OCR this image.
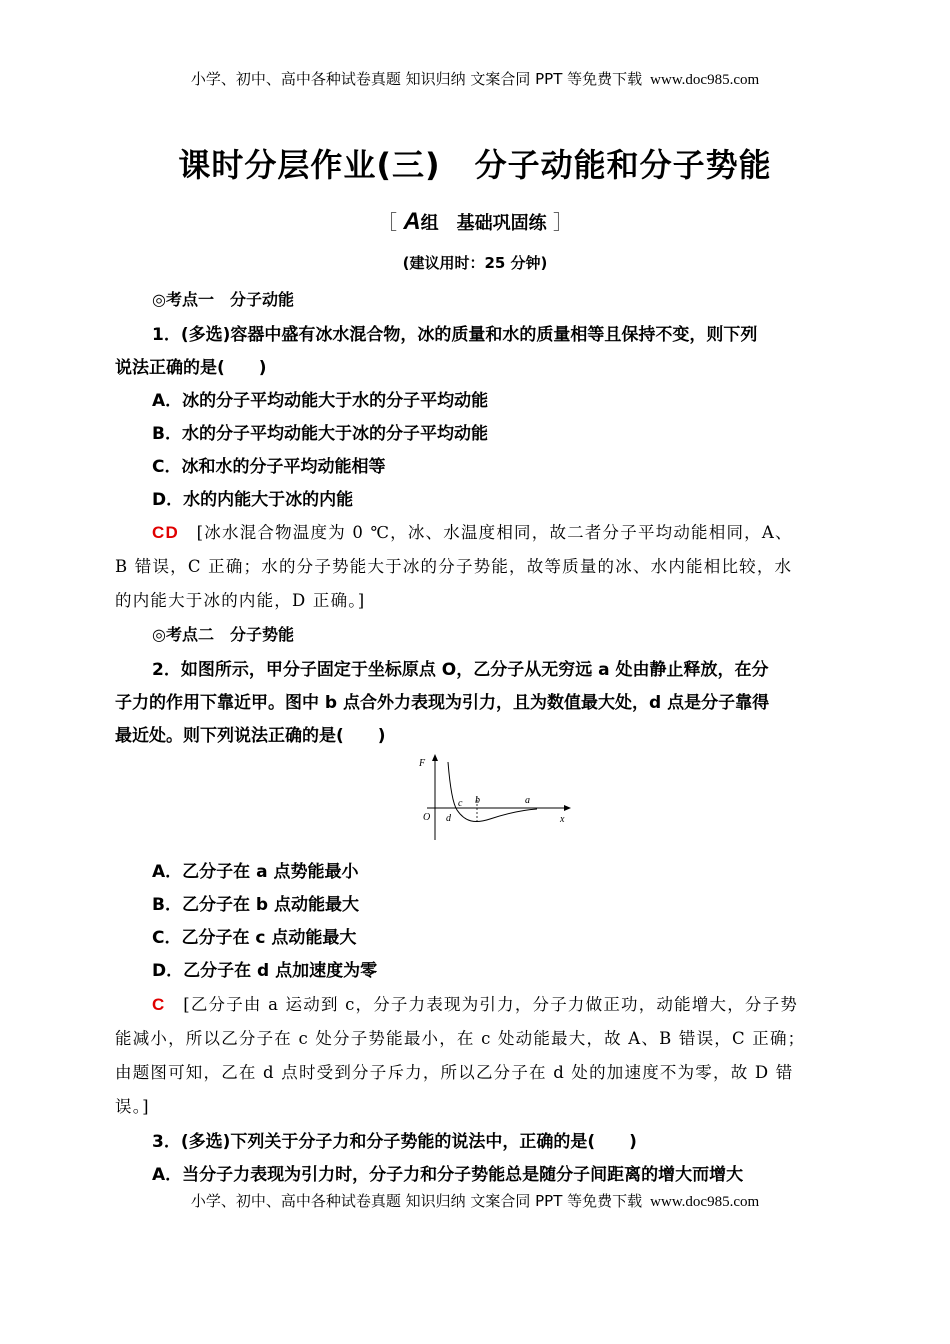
小学、初中、高中各种试卷真题 知识归纳 文案合同 PPT 等免费下载 www.doc985.com
课时分层作业(三) 分子动能和分子势能
［ A组　基础巩固练 ］
(建议用时：25 分钟)
◎考点一　分子动能
1．(多选)容器中盛有冰水混合物，冰的质量和水的质量相等且保持不变，则下列
说法正确的是(　　)
A．冰的分子平均动能大于水的分子平均动能
B．水的分子平均动能大于冰的分子平均动能
C．冰和水的分子平均动能相等
D．水的内能大于冰的内能
CD　 [冰水混合物温度为 0 ℃，冰、水温度相同，故二者分子平均动能相同，A、
B 错误，C 正确；水的分子势能大于冰的分子势能，故等质量的冰、水内能相比较，水
的内能大于冰的内能，D 正确。]
◎考点二　分子势能
2．如图所示，甲分子固定于坐标原点 O，乙分子从无穷远 a 处由静止释放，在分
子力的作用下靠近甲。图中 b 点合外力表现为引力，且为数值最大处，d 点是分子靠得
最近处。则下列说法正确的是(　　)
F
O	x
a
b
c
d
A．乙分子在 a 点势能最小
B．乙分子在 b 点动能最大
C．乙分子在 c 点动能最大
D．乙分子在 d 点加速度为零
C　 [乙分子由 a 运动到 c，分子力表现为引力，分子力做正功，动能增大，分子势
能减小，所以乙分子在 c 处分子势能最小，在 c 处动能最大，故 A、B 错误，C 正确；
由题图可知，乙在 d 点时受到分子斥力，所以乙分子在 d 处的加速度不为零，故 D 错
误。]
3．(多选)下列关于分子力和分子势能的说法中，正确的是(　　)
A．当分子力表现为引力时，分子力和分子势能总是随分子间距离的增大而增大
小学、初中、高中各种试卷真题 知识归纳 文案合同 PPT 等免费下载 www.doc985.com
